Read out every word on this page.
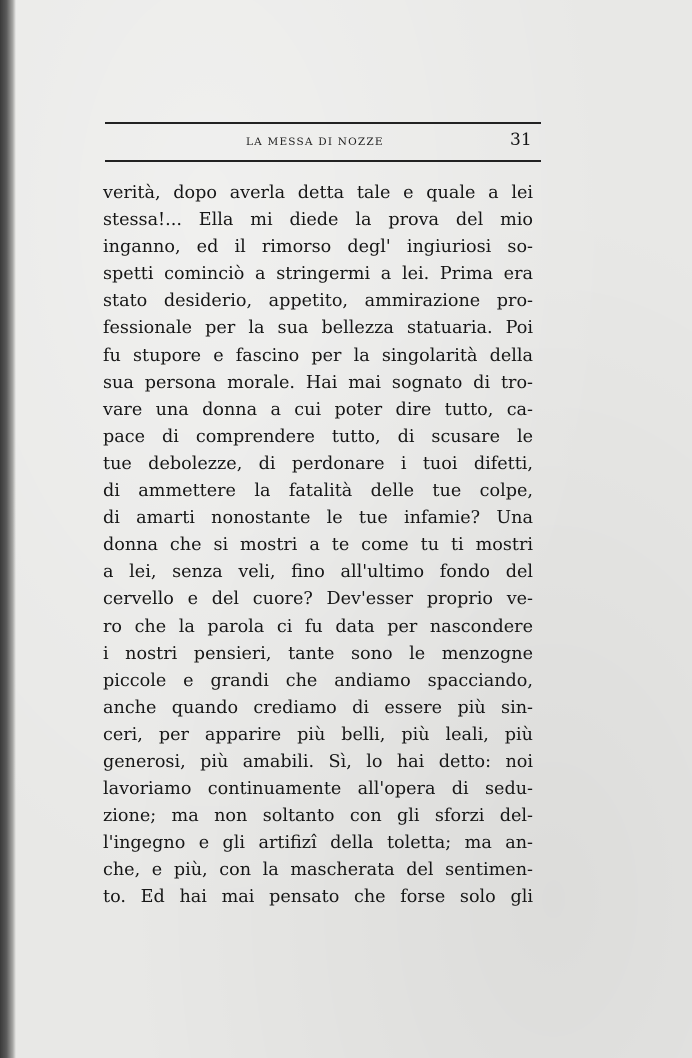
LA MESSA DI NOZZE	31
verità, dopo averla detta tale e quale a lei
stessa!... Ella mi diede la prova del mio
inganno, ed il rimorso degl' ingiuriosi so-
spetti cominciò a stringermi a lei. Prima era
stato desiderio, appetito, ammirazione pro-
fessionale per la sua bellezza statuaria. Poi
fu stupore e fascino per la singolarità della
sua persona morale. Hai mai sognato di tro-
vare una donna a cui poter dire tutto, ca-
pace di comprendere tutto, di scusare le
tue debolezze, di perdonare i tuoi difetti,
di ammettere la fatalità delle tue colpe,
di amarti nonostante le tue infamie? Una
donna che si mostri a te come tu ti mostri
a lei, senza veli, fino all'ultimo fondo del
cervello e del cuore? Dev'esser proprio ve-
ro che la parola ci fu data per nascondere
i nostri pensieri, tante sono le menzogne
piccole e grandi che andiamo spacciando,
anche quando crediamo di essere più sin-
ceri, per apparire più belli, più leali, più
generosi, più amabili. Sì, lo hai detto: noi
lavoriamo continuamente all'opera di sedu-
zione; ma non soltanto con gli sforzi del-
l'ingegno e gli artifizî della toletta; ma an-
che, e più, con la mascherata del sentimen-
to. Ed hai mai pensato che forse solo gli
